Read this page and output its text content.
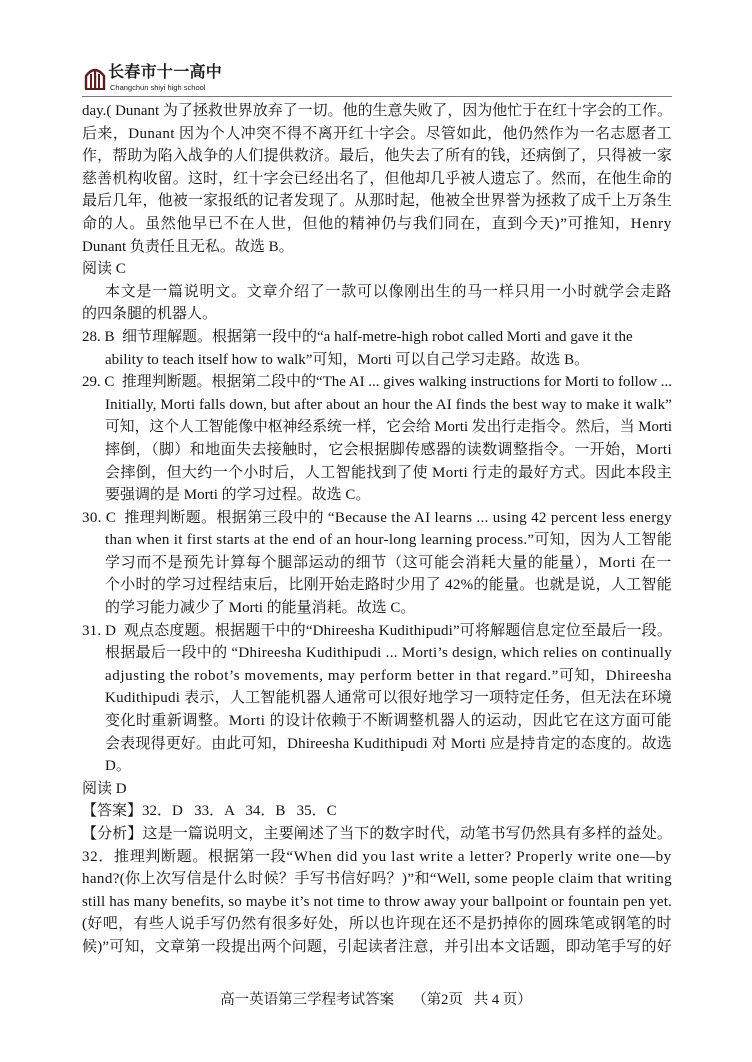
长春市十一高中
Changchun shiyi high school
day.( Dunant 为了拯救世界放弃了一切。他的生意失败了，因为他忙于在红十字会的工作。
后来，Dunant 因为个人冲突不得不离开红十字会。尽管如此，他仍然作为一名志愿者工
作，帮助为陷入战争的人们提供救济。最后，他失去了所有的钱，还病倒了，只得被一家
慈善机构收留。这时，红十字会已经出名了，但他却几乎被人遗忘了。然而，在他生命的
最后几年，他被一家报纸的记者发现了。从那时起，他被全世界誉为拯救了成千上万条生
命的人。虽然他早已不在人世，但他的精神仍与我们同在，直到今天)”可推知，Henry
Dunant 负责任且无私。故选 B。
阅读 C
本文是一篇说明文。文章介绍了一款可以像刚出生的马一样只用一小时就学会走路
的四条腿的机器人。
28. B  细节理解题。根据第一段中的“a half-metre-high robot called Morti and gave it the
ability to teach itself how to walk”可知，Morti 可以自己学习走路。故选 B。
29. C  推理判断题。根据第二段中的“The AI ... gives walking instructions for Morti to follow ...
Initially, Morti falls down, but after about an hour the AI finds the best way to make it walk”
可知，这个人工智能像中枢神经系统一样，它会给 Morti 发出行走指令。然后，当 Morti
摔倒，（脚）和地面失去接触时，它会根据脚传感器的读数调整指令。一开始，Morti
会摔倒，但大约一个小时后，人工智能找到了使 Morti 行走的最好方式。因此本段主
要强调的是 Morti 的学习过程。故选 C。
30. C  推理判断题。根据第三段中的 “Because the AI learns ... using 42 percent less energy
than when it first starts at the end of an hour-long learning process.”可知，因为人工智能
学习而不是预先计算每个腿部运动的细节（这可能会消耗大量的能量），Morti 在一
个小时的学习过程结束后，比刚开始走路时少用了 42%的能量。也就是说，人工智能
的学习能力减少了 Morti 的能量消耗。故选 C。
31. D  观点态度题。根据题干中的“Dhireesha Kudithipudi”可将解题信息定位至最后一段。
根据最后一段中的 “Dhireesha Kudithipudi ... Morti’s design, which relies on continually
adjusting the robot’s movements, may perform better in that regard.”可知，Dhireesha
Kudithipudi 表示，人工智能机器人通常可以很好地学习一项特定任务，但无法在环境
变化时重新调整。Morti 的设计依赖于不断调整机器人的运动，因此它在这方面可能
会表现得更好。由此可知，Dhireesha Kudithipudi 对 Morti 应是持肯定的态度的。故选
D。
阅读 D
【答案】32．D   33．A   34．B   35．C
【分析】这是一篇说明文，主要阐述了当下的数字时代，动笔书写仍然具有多样的益处。
32．推理判断题。根据第一段“When did you last write a letter? Properly write one—by
hand?(你上次写信是什么时候？手写书信好吗？)”和“Well, some people claim that writing
still has many benefits, so maybe it’s not time to throw away your ballpoint or fountain pen yet.
(好吧，有些人说手写仍然有很多好处，所以也许现在还不是扔掉你的圆珠笔或钢笔的时
候)”可知，文章第一段提出两个问题，引起读者注意，并引出本文话题，即动笔手写的好
高一英语第三学程考试答案 （第2页   共 4 页）
